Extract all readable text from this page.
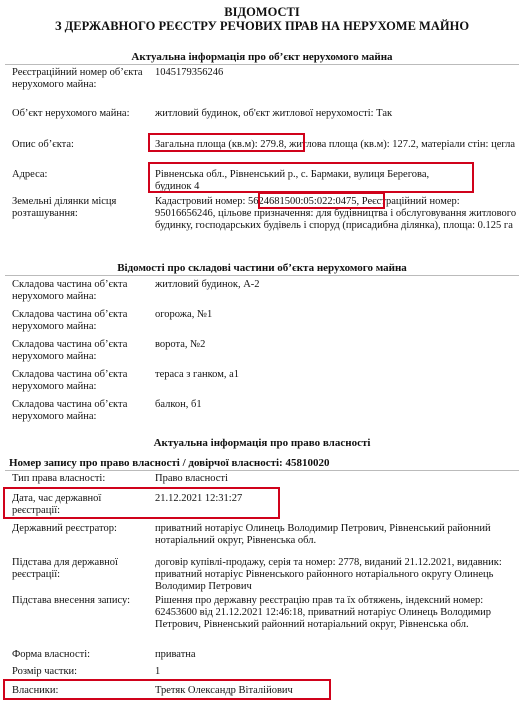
ВІДОМОСТІ
З ДЕРЖАВНОГО РЕЄСТРУ РЕЧОВИХ ПРАВ НА НЕРУХОМЕ МАЙНО
Актуальна інформація про об’єкт нерухомого майна
Реєстраційний номер об’єкта нерухомого майна:
1045179356246
Об’єкт нерухомого майна:	житловий будинок, об'єкт житлової нерухомості: Так
Опис об’єкта:	Загальна площа (кв.м): 279.8, житлова площа (кв.м): 127.2, матеріали стін: цегла
Адреса:	Рівненська обл., Рівненський р., с. Бармаки, вулиця Берегова, будинок 4
Земельні ділянки місця розташування:
Кадастровий номер: 5624681500:05:022:0475, Реєстраційний номер: 95016656246, цільове призначення: для будівництва і обслуговування житлового будинку, господарських будівель і споруд (присадибна ділянка), площа: 0.125 га
Відомості про складові частини об’єкта нерухомого майна
Складова частина об’єкта нерухомого майна:
житловий будинок, А-2
Складова частина об’єкта нерухомого майна:
огорожа, №1
Складова частина об’єкта нерухомого майна:
ворота, №2
Складова частина об’єкта нерухомого майна:
тераса з ганком, а1
Складова частина об’єкта нерухомого майна:
балкон, б1
Актуальна інформація про право власності
Номер запису про право власності / довірчої власності: 45810020
Тип права власності:	Право власності
Дата, час державної реєстрації:
21.12.2021 12:31:27
Державний реєстратор:	приватний нотаріус Олинець Володимир Петрович, Рівненський районний нотаріальний округ, Рівненська обл.
Підстава для державної реєстрації:
договір купівлі-продажу, серія та номер: 2778, виданий 21.12.2021, видавник: приватний нотаріус Рівненського районного нотаріального округу Олинець Володимир Петрович
Підстава внесення запису:	Рішення про державну реєстрацію прав та їх обтяжень, індексний номер: 62453600 від 21.12.2021 12:46:18, приватний нотаріус Олинець Володимир Петрович, Рівненський районний нотаріальний округ, Рівненська обл.
Форма власності:	приватна
Розмір частки:	1
Власники:	Третяк Олександр Віталійович
